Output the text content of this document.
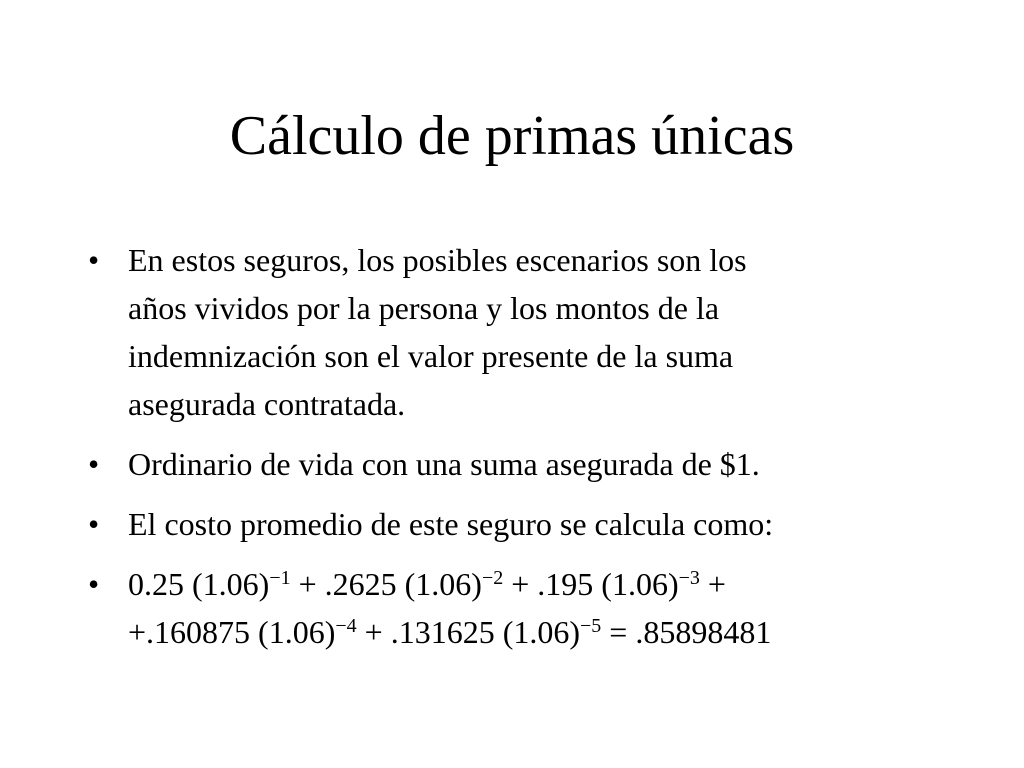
Cálculo de primas únicas
• En estos seguros, los posibles escenarios son los
años vividos por la persona y los montos de la
indemnización son el valor presente de la suma
asegurada contratada.
• Ordinario de vida con una suma asegurada de $1.
• El costo promedio de este seguro se calcula como:
• 0.25 $(1.06)^{-1} + .2625$ $(1.06)^{-2} + .195$ $(1.06)^{-3}$ +
+.160875 $(1.06)^{-4} + .131625$ $(1.06)^{-5} = .85898481$
